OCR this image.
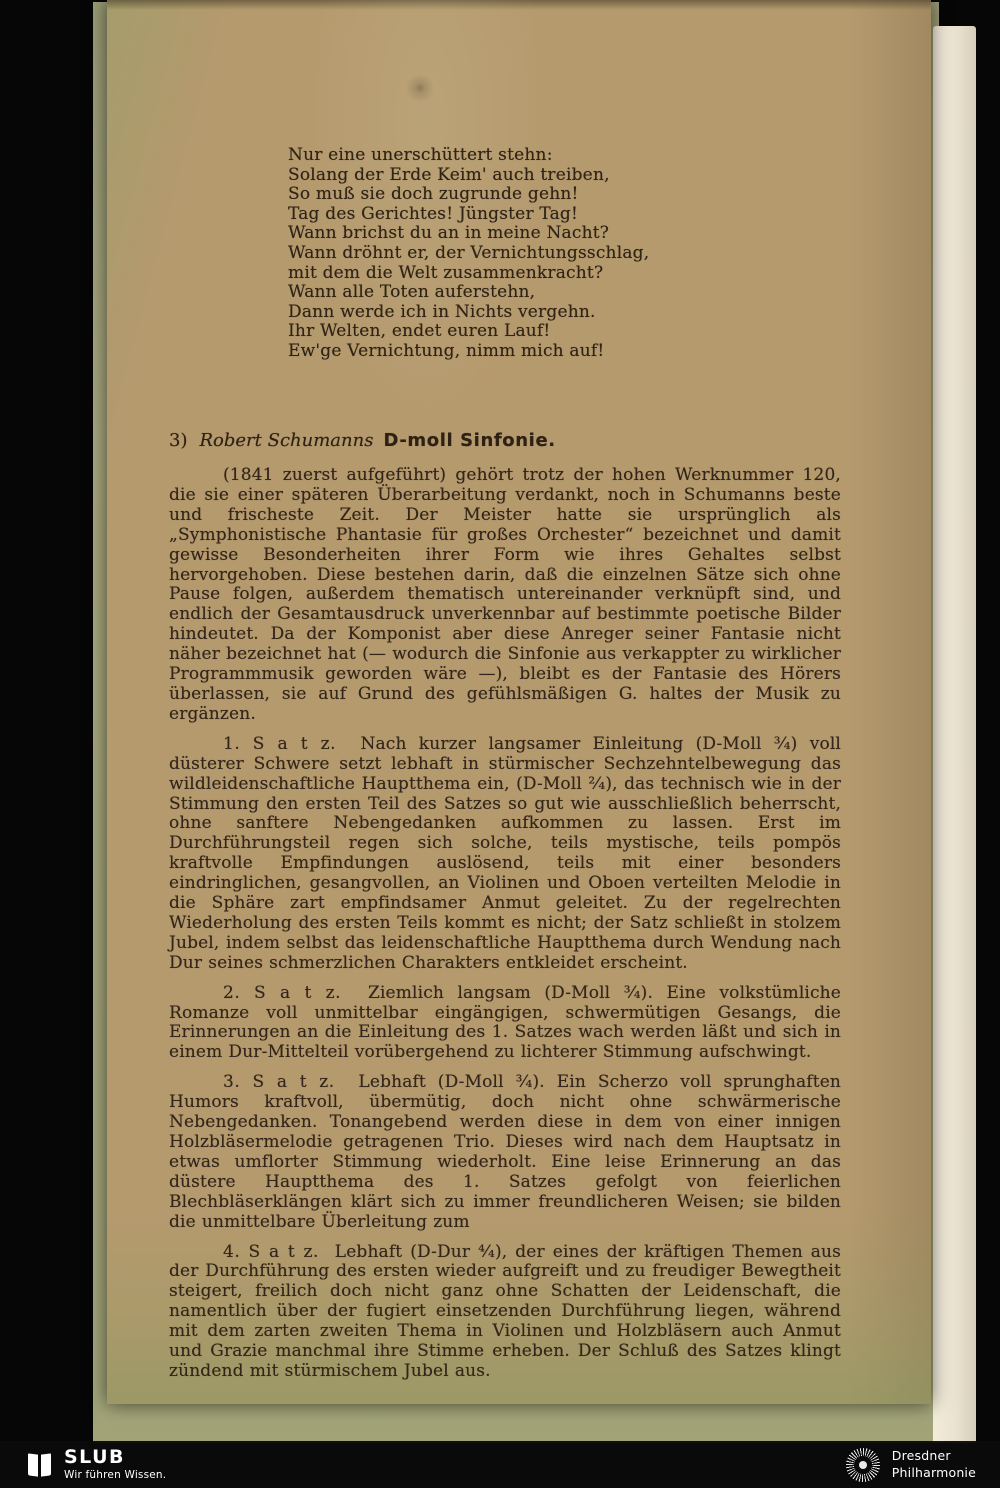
Nur eine unerschüttert stehn:
Solang der Erde Keim' auch treiben,
So muß sie doch zugrunde gehn!
Tag des Gerichtes! Jüngster Tag!
Wann brichst du an in meine Nacht?
Wann dröhnt er, der Vernichtungsschlag,
mit dem die Welt zusammenkracht?
Wann alle Toten auferstehn,
Dann werde ich in Nichts vergehn.
Ihr Welten, endet euren Lauf!
Ew'ge Vernichtung, nimm mich auf!
3) Robert Schumanns D-moll Sinfonie.

(1841 zuerst aufgeführt) gehört trotz der hohen Werknummer 120, die sie einer späteren Überarbeitung verdankt, noch in Schumanns beste und frischeste Zeit. Der Meister hatte sie ursprünglich als „Symphonistische Phantasie für großes Orchester“ bezeichnet und damit gewisse Besonderheiten ihrer Form wie ihres Gehaltes selbst hervorgehoben. Diese bestehen darin, daß die einzelnen Sätze sich ohne Pause folgen, außerdem thematisch untereinander verknüpft sind, und endlich der Gesamtausdruck unverkennbar auf bestimmte poetische Bilder hindeutet. Da der Komponist aber diese Anreger seiner Fantasie nicht näher bezeichnet hat (— wodurch die Sinfonie aus verkappter zu wirklicher Programmmusik geworden wäre —), bleibt es der Fantasie des Hörers überlassen, sie auf Grund des gefühlsmäßigen G. haltes der Musik zu ergänzen.

1. S a t z. Nach kurzer langsamer Einleitung (D-Moll ³⁄₄) voll düsterer Schwere setzt lebhaft in stürmischer Sechzehntelbewegung das wildleidenschaftliche Hauptthema ein, (D-Moll ²⁄₄), das technisch wie in der Stimmung den ersten Teil des Satzes so gut wie ausschließlich beherrscht, ohne sanftere Nebengedanken aufkommen zu lassen. Erst im Durchführungsteil regen sich solche, teils mystische, teils pompös kraftvolle Empfindungen auslösend, teils mit einer besonders eindringlichen, gesangvollen, an Violinen und Oboen verteilten Melodie in die Sphäre zart empfindsamer Anmut geleitet. Zu der regelrechten Wiederholung des ersten Teils kommt es nicht; der Satz schließt in stolzem Jubel, indem selbst das leidenschaftliche Hauptthema durch Wendung nach Dur seines schmerzlichen Charakters entkleidet erscheint.

2. S a t z. Ziemlich langsam (D-Moll ³⁄₄). Eine volkstümliche Romanze voll unmittelbar eingängigen, schwermütigen Gesangs, die Erinnerungen an die Einleitung des 1. Satzes wach werden läßt und sich in einem Dur-Mittelteil vorübergehend zu lichterer Stimmung aufschwingt.

3. S a t z. Lebhaft (D-Moll ³⁄₄). Ein Scherzo voll sprunghaften Humors kraftvoll, übermütig, doch nicht ohne schwärmerische Nebengedanken. Tonangebend werden diese in dem von einer innigen Holzbläsermelodie getragenen Trio. Dieses wird nach dem Hauptsatz in etwas umflorter Stimmung wiederholt. Eine leise Erinnerung an das düstere Hauptthema des 1. Satzes gefolgt von feierlichen Blechbläserklängen klärt sich zu immer freundlicheren Weisen; sie bilden die unmittelbare Überleitung zum

4. S a t z. Lebhaft (D-Dur ⁴⁄₄), der eines der kräftigen Themen aus der Durchführung des ersten wieder aufgreift und zu freudiger Bewegtheit steigert, freilich doch nicht ganz ohne Schatten der Leidenschaft, die namentlich über der fugiert einsetzenden Durchführung liegen, während mit dem zarten zweiten Thema in Violinen und Holzbläsern auch Anmut und Grazie manchmal ihre Stimme erheben. Der Schluß des Satzes klingt zündend mit stürmischem Jubel aus.

SLUB
Wir führen Wissen.
Dresdner
Philharmonie
